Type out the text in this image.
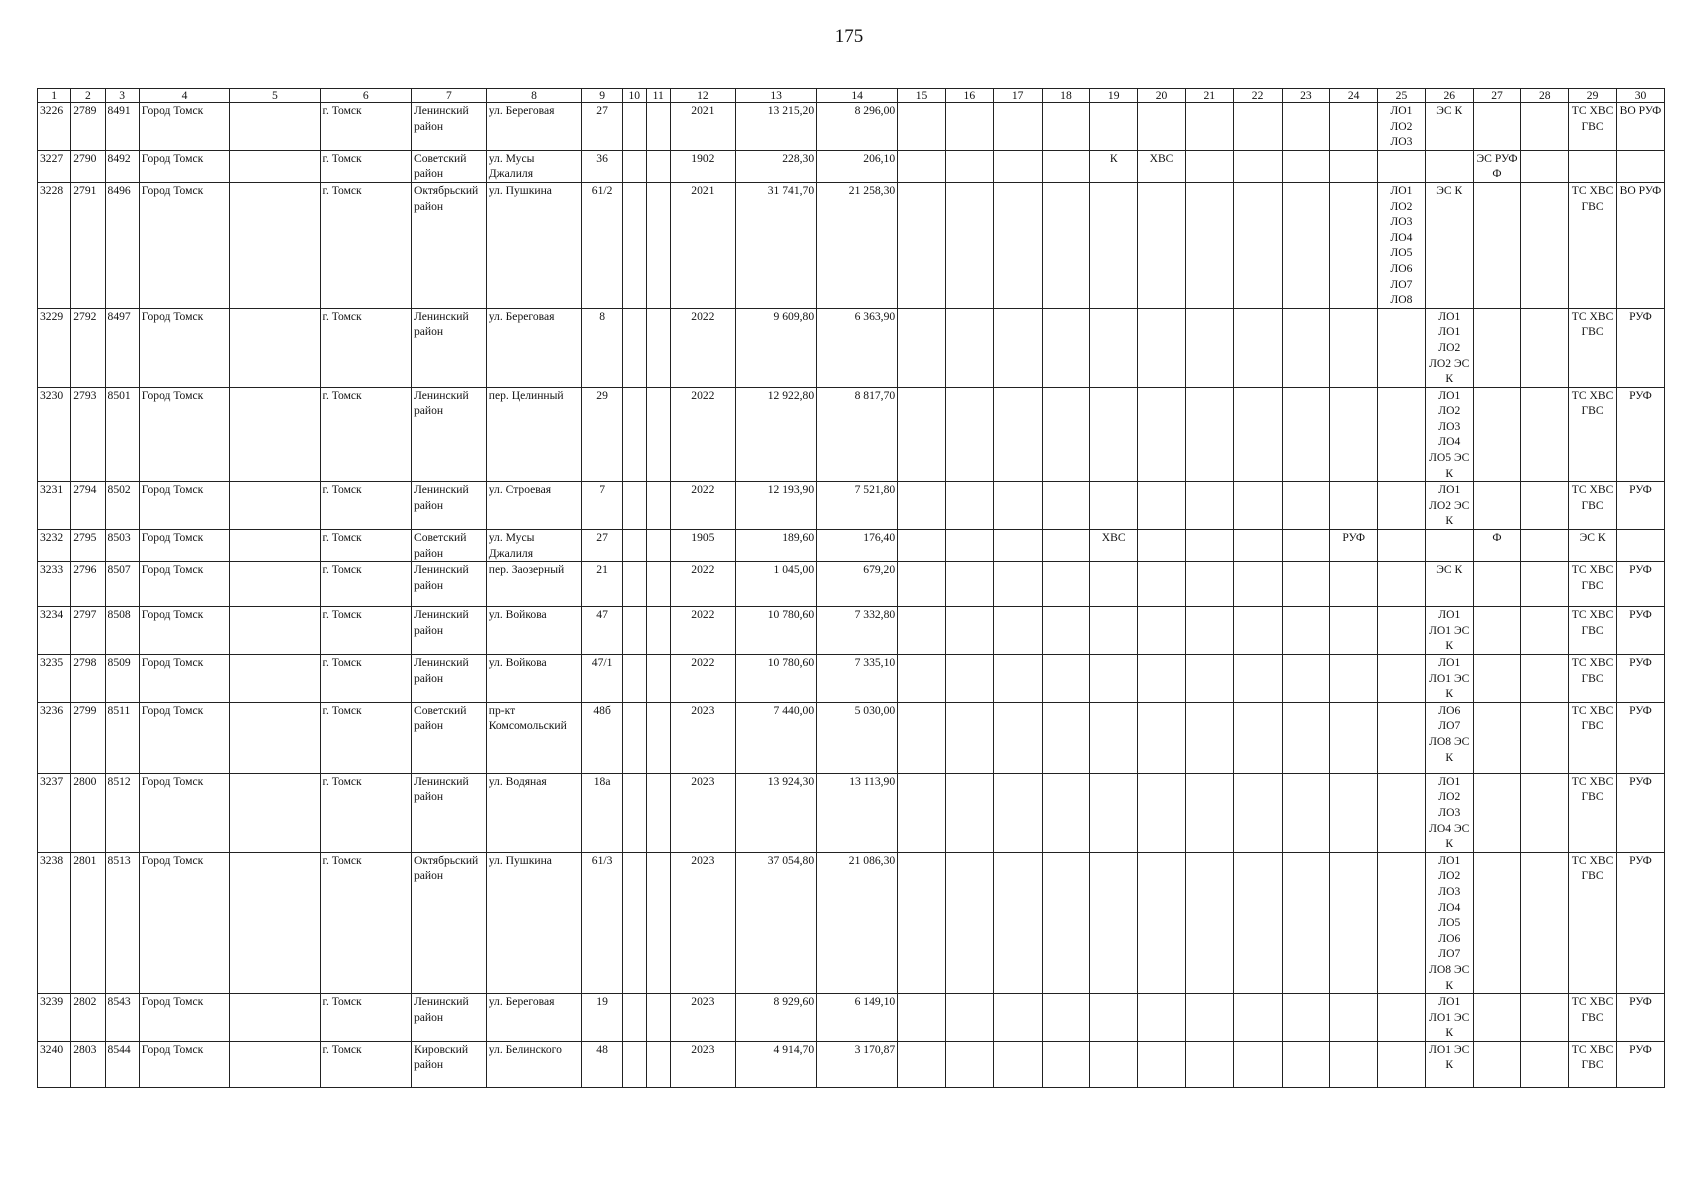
175
1	2	3	4	5	6	7	8	9	10	11	12	13	14	15	16	17	18	19	20	21	22	23	24	25	26	27	28	29	30
3226	2789	8491	Город Томск		г. Томск	Ленинский район	ул. Береговая	27			2021	13 215,20	8 296,00											ЛО1 ЛО2 ЛО3	ЭС К			ТС ХВС ГВС	ВО РУФ
3227	2790	8492	Город Томск		г. Томск	Советский район	ул. Мусы Джалиля	36			1902	228,30	206,10					К	ХВС							ЭС РУФ Ф			
3228	2791	8496	Город Томск		г. Томск	Октябрьский район	ул. Пушкина	61/2			2021	31 741,70	21 258,30											ЛО1 ЛО2 ЛО3 ЛО4 ЛО5 ЛО6 ЛО7 ЛО8	ЭС К			ТС ХВС ГВС	ВО РУФ
3229	2792	8497	Город Томск		г. Томск	Ленинский район	ул. Береговая	8			2022	9 609,80	6 363,90												ЛО1 ЛО1 ЛО2 ЛО2 ЭС К			ТС ХВС ГВС	РУФ
3230	2793	8501	Город Томск		г. Томск	Ленинский район	пер. Целинный	29			2022	12 922,80	8 817,70												ЛО1 ЛО2 ЛО3 ЛО4 ЛО5 ЭС К			ТС ХВС ГВС	РУФ
3231	2794	8502	Город Томск		г. Томск	Ленинский район	ул. Строевая	7			2022	12 193,90	7 521,80												ЛО1 ЛО2 ЭС К			ТС ХВС ГВС	РУФ
3232	2795	8503	Город Томск		г. Томск	Советский район	ул. Мусы Джалиля	27			1905	189,60	176,40					ХВС					РУФ			Ф		ЭС К	
3233	2796	8507	Город Томск		г. Томск	Ленинский район	пер. Заозерный	21			2022	1 045,00	679,20												ЭС К			ТС ХВС ГВС	РУФ
3234	2797	8508	Город Томск		г. Томск	Ленинский район	ул. Войкова	47			2022	10 780,60	7 332,80												ЛО1 ЛО1 ЭС К			ТС ХВС ГВС	РУФ
3235	2798	8509	Город Томск		г. Томск	Ленинский район	ул. Войкова	47/1			2022	10 780,60	7 335,10												ЛО1 ЛО1 ЭС К			ТС ХВС ГВС	РУФ
3236	2799	8511	Город Томск		г. Томск	Советский район	пр-кт Комсомольский	48б			2023	7 440,00	5 030,00												ЛО6 ЛО7 ЛО8 ЭС К			ТС ХВС ГВС	РУФ
3237	2800	8512	Город Томск		г. Томск	Ленинский район	ул. Водяная	18а			2023	13 924,30	13 113,90												ЛО1 ЛО2 ЛО3 ЛО4 ЭС К			ТС ХВС ГВС	РУФ
3238	2801	8513	Город Томск		г. Томск	Октябрьский район	ул. Пушкина	61/3			2023	37 054,80	21 086,30												ЛО1 ЛО2 ЛО3 ЛО4 ЛО5 ЛО6 ЛО7 ЛО8 ЭС К			ТС ХВС ГВС	РУФ
3239	2802	8543	Город Томск		г. Томск	Ленинский район	ул. Береговая	19			2023	8 929,60	6 149,10												ЛО1 ЛО1 ЭС К			ТС ХВС ГВС	РУФ
3240	2803	8544	Город Томск		г. Томск	Кировский район	ул. Белинского	48			2023	4 914,70	3 170,87												ЛО1 ЭС К			ТС ХВС ГВС	РУФ
